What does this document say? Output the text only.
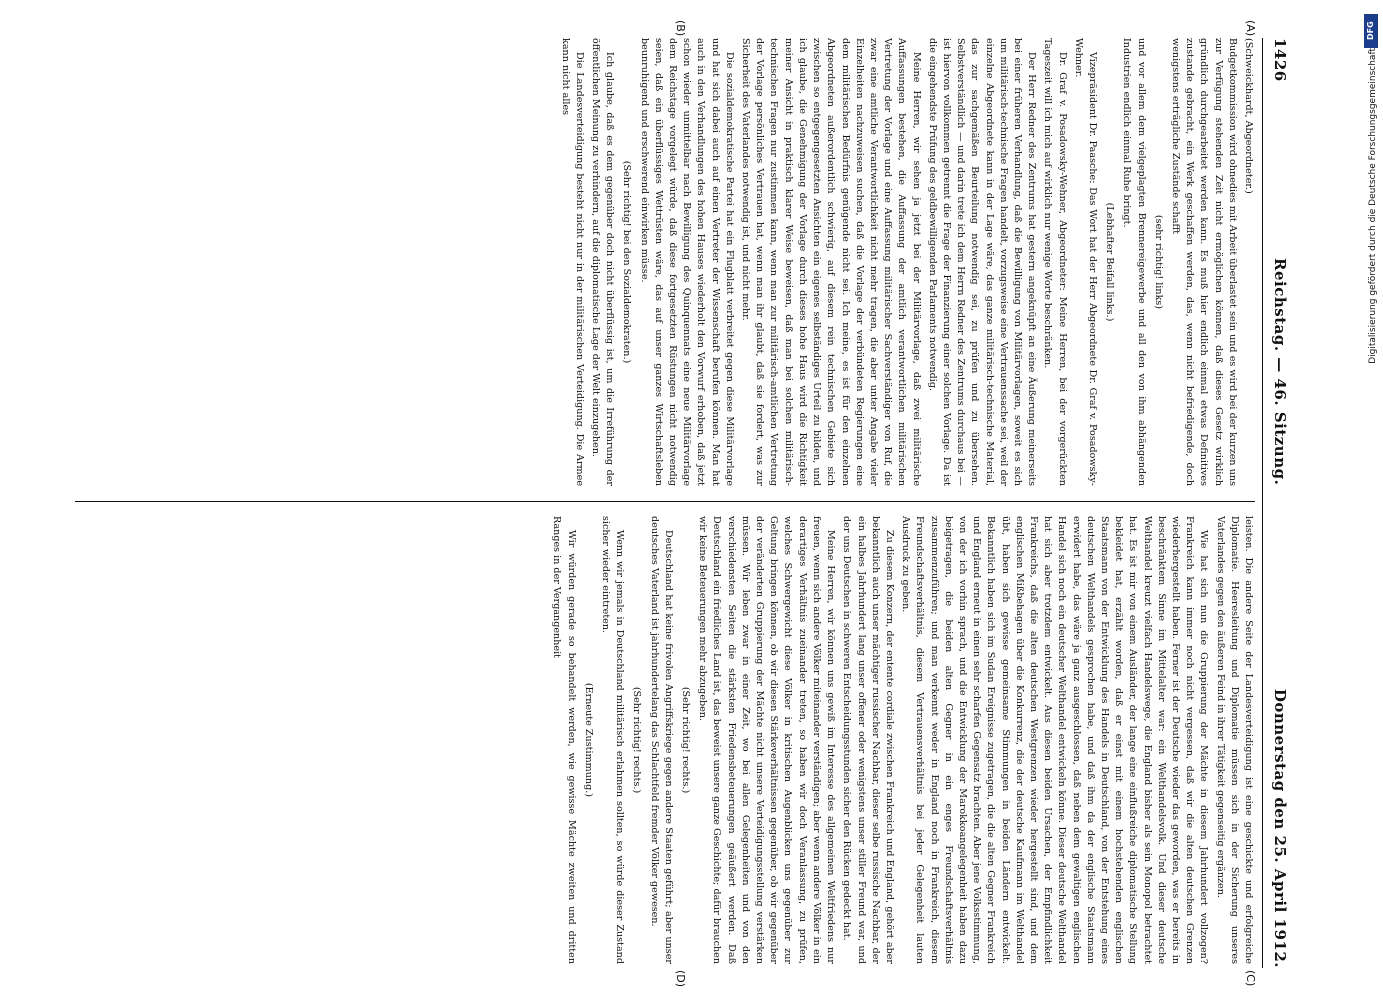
1426
Reichstag. — 46. Sitzung.
Donnerstag den 25. April 1912.
(A)
(B)
(C)
(D)

(Schweickhardt, Abgeordneter.)

Budgetkommission wird ohnedies mit Arbeit überlastet sein und es wird bei der kurzen uns zur Verfügung stehenden Zeit nicht ermöglichen können, daß dieses Gesetz wirklich gründlich durchgearbeitet werden kann. Es muß hier endlich einmal etwas Definitives zustande gebracht, ein Werk geschaffen werden, das, wenn nicht befriedigende, doch wenigstens erträgliche Zustände schafft

(sehr richtig! links)

und vor allem dem vielgeplagten Brennereigewerbe und all den von ihm abhängenden Industrien endlich einmal Ruhe bringt.

(Lebhafter Beifall links.)

Vizepräsident Dr. Paasche: Das Wort hat der Herr Abgeordnete Dr. Graf v. Posadowsky-Wehner.

Dr. Graf v. Posadowsky-Wehner, Abgeordneter: Meine Herren, bei der vorgerückten Tageszeit will ich mich auf wirklich nur wenige Worte beschränken.

Der Herr Redner des Zentrums hat gestern angeknüpft an eine Äußerung meinerseits bei einer früheren Verhandlung, daß die Bewilligung von Militärvorlagen, soweit es sich um militärisch-technische Fragen handelt, vorzugsweise eine Vertrauenssache sei, weil der einzelne Abgeordnete kann in der Lage wäre, das ganze militärisch-technische Material, das zur sachgemäßen Beurteilung notwendig sei, zu prüfen und zu übersehen. Selbstverständlich — und darin trete ich dem Herrn Redner des Zentrums durchaus bei — ist hiervon vollkommen getrennt die Frage der Finanzierung einer solchen Vorlage. Da ist die eingehendste Prüfung des geldbewilligenden Parlaments notwendig.

Meine Herren, wir sehen ja jetzt bei der Militärvorlage, daß zwei militärische Auffassungen bestehen, die Auffassung der amtlich verantwortlichen militärischen Vertretung der Vorlage und eine Auffassung militärischer Sachverständiger von Ruf, die zwar eine amtliche Verantwortlichkeit nicht mehr tragen, die aber unter Angabe vieler Einzelheiten nachzuweisen suchen, daß die Vorlage der verbündeten Regierungen eine dem militärischen Bedürfnis genügende nicht sei. Ich meine, es ist für den einzelnen Abgeordneten außerordentlich schwierig, auf diesem rein technischen Gebiete sich zwischen so entgegengesetzten Ansichten ein eigenes selbständiges Urteil zu bilden, und ich glaube, die Genehmigung der Vorlage durch dieses hohe Haus wird die Richtigkeit meiner Ansicht in praktisch klarer Weise beweisen, daß man bei solchen militärisch-technischen Fragen nur zustimmen kann, wenn man zur militärisch-amtlichen Vertretung der Vorlage persönliches Vertrauen hat, wenn man ihr glaubt, daß sie fordert, was zur Sicherheit des Vaterlandes notwendig ist, und nicht mehr.

Die sozialdemokratische Partei hat ein Flugblatt verbreitet gegen diese Militärvorlage und hat sich dabei auch auf einen Vertreter der Wissenschaft berufen können. Man hat auch in den Verhandlungen des hohen Hauses wiederholt den Vorwurf erhoben, daß jetzt schon wieder unmittelbar nach Bewilligung des Quinquennats eine neue Militärvorlage dem Reichstage vorgelegt würde, daß diese fortgesetzten Rüstungen nicht notwendig seien, daß ein überflüssiges Wettrüsten wäre, das auf unser ganzes Wirtschaftsleben beunruhigend und erschwerend einwirken müsse.

(Sehr richtig! bei den Sozialdemokraten.)

Ich glaube, daß es dem gegenüber doch nicht überflüssig ist, um die Irreführung der öffentlichen Meinung zu verhindern, auf die diplomatische Lage der Welt einzugehen.

Die Landesverteidigung besteht nicht nur in der militärischen Verteidigung. Die Armee kann nicht alles

leisten. Die andere Seite der Landesverteidigung ist eine geschickte und erfolgreiche Diplomatie. Heeresleitung und Diplomatie müssen sich in der Sicherung unseres Vaterlandes gegen den äußeren Feind in ihrer Tätigkeit gegenseitig ergänzen.

Wie hat sich nun die Gruppierung der Mächte in diesem Jahrhundert vollzogen? Frankreich kann immer noch nicht vergessen, daß wir die alten deutschen Grenzen wiederhergestellt haben. Ferner ist der Deutsche wieder das geworden, was er bereits in beschränktem Sinne im Mittelalter war: ein Welthandelsvolk. Und dieser deutsche Welthandel kreuzt vielfach Handelswege, die England bisher als sein Monopol betrachtet hat. Es ist mir von einem Ausländer, der lange eine einflußreiche diplomatische Stellung bekleidet hat, erzählt worden, daß er einst mit einem hochstehenden englischen Staatsmann von der Entwicklung des Handels in Deutschland, von der Entstehung eines deutschen Welthandels gesprochen habe, und daß ihm da der englische Staatsmann erwidert habe, das wäre ja ganz ausgeschlossen, daß neben dem gewaltigen englischen Handel sich noch ein deutscher Welthandel entwickeln könne. Dieser deutsche Welthandel hat sich aber trotzdem entwickelt. Aus diesen beiden Ursachen, der Empfindlichkeit Frankreichs, daß die alten deutschen Westgrenzen wieder hergestellt sind, und dem englischen Mißbehagen über die Konkurrenz, die der deutsche Kaufmann im Welthandel übt, haben sich gewisse gemeinsame Stimmungen in beiden Ländern entwickelt. Bekanntlich haben sich im Sudan Ereignisse zugetragen, die die alten Gegner Frankreich und England erneut in einen sehr scharfen Gegensatz brachten. Aber jene Volksstimmung, von der ich vorhin sprach, und die Entwicklung der Marokkoangelegenheit haben dazu beigetragen, die beiden alten Gegner in ein enges Freundschaftsverhältnis zusammenzuführen; und man verkennt weder in England noch in Frankreich, diesem Freundschaftsverhältnis, diesem Vertrauensverhältnis bei jeder Gelegenheit lauten Ausdruck zu geben.

Zu diesem Konzern, der entente cordiale zwischen Frankreich und England, gehört aber bekanntlich auch unser mächtiger russischer Nachbar, dieser selbe russische Nachbar, der ein halbes Jahrhundert lang unser offener oder wenigstens unser stiller Freund war, und der uns Deutschen in schweren Entscheidungsstunden sicher den Rücken gedeckt hat.

Meine Herren, wir können uns gewiß im Interesse des allgemeinen Weltfriedens nur freuen, wenn sich andere Völker miteinander verständigen; aber wenn andere Völker in ein derartiges Verhältnis zueinander treten, so haben wir doch Veranlassung, zu prüfen, welches Schwergewicht diese Völker in kritischen Augenblicken uns gegenüber zur Geltung bringen können, ob wir diesen Stärkeverhältnissen gegenüber, ob wir gegenüber der veränderten Gruppierung der Mächte nicht unsere Verteidigungsstellung verstärken müssen. Wir leben zwar in einer Zeit, wo bei allen Gelegenheiten und von den verschiedensten Seiten die stärksten Friedensbeteuerungen geäußert werden. Daß Deutschland ein friedliches Land ist, das beweist unsere ganze Geschichte; dafür brauchen wir keine Beteuerungen mehr abzugeben.

(Sehr richtig! rechts.)

Deutschland hat keine frivolen Angriffskriege gegen andere Staaten geführt; aber unser deutsches Vaterland ist jahrhundertelang das Schlachtfeld fremder Völker gewesen.

(Sehr richtig! rechts.)

Wenn wir jemals in Deutschland militärisch erlahmen sollten, so würde dieser Zustand sicher wieder eintreten.

(Erneute Zustimmung.)

Wir würden gerade so behandelt werden, wie gewisse Mächte zweiten und dritten Ranges in der Vergangenheit

DFG
Digitalisierung gefördert durch die Deutsche Forschungsgemeinschaft
